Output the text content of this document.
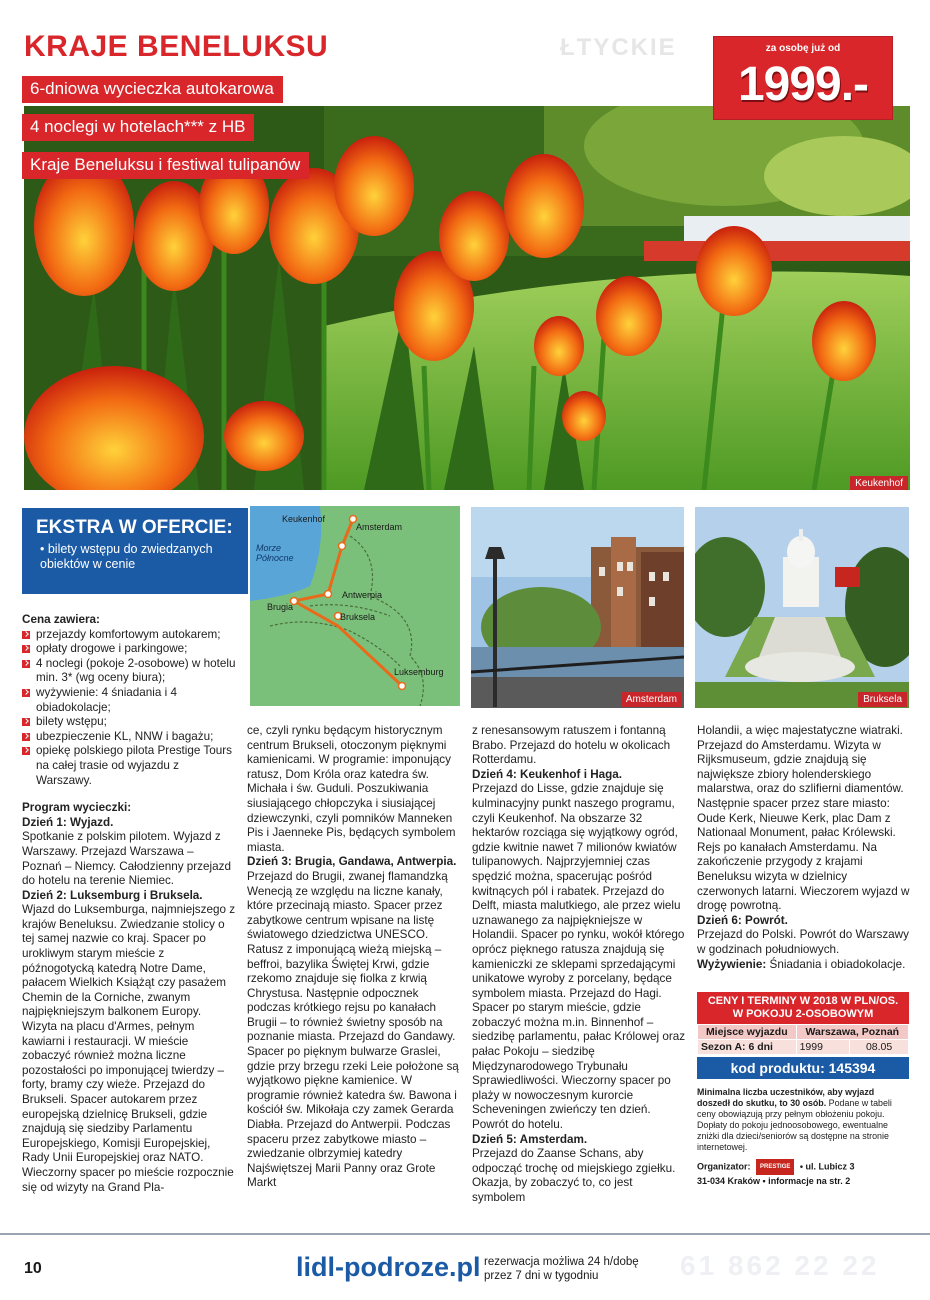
KRAJE BENELUKSU	ŁTYCKIE
6-dniowa wycieczka autokarowa
4 noclegi w hotelach*** z HB
Kraje Beneluksu i festiwal tulipanów
za osobę już od
1999.-
Keukenhof
EKSTRA W OFERCIE:
• bilety wstępu do zwiedzanych obiektów w cenie
Morze Północne
Keukenhof
Amsterdam
Brugia
Antwerpia
Bruksela
Luksemburg
Amsterdam	Bruksela

Cena zawiera:

przejazdy komfortowym autokarem;
opłaty drogowe i parkingowe;
4 noclegi (pokoje 2-osobowe) w hotelu min. 3* (wg oceny biura);
wyżywienie: 4 śniadania i 4 obiadokolacje;
bilety wstępu;
ubezpieczenie KL, NNW i bagażu;
opiekę polskiego pilota Prestige Tours na całej trasie od wyjazdu z Warszawy.

Program wycieczki:

Dzień 1: Wyjazd.

Spotkanie z polskim pilotem. Wyjazd z Warszawy. Przejazd Warszawa – Poznań – Niemcy. Całodzienny przejazd do hotelu na terenie Niemiec.

Dzień 2: Luksemburg i Bruksela.

Wjazd do Luksemburga, najmniejszego z krajów Beneluksu. Zwiedzanie stolicy o tej samej nazwie co kraj. Spacer po urokliwym starym mieście z późnogotycką katedrą Notre Dame, pałacem Wielkich Książąt czy pasażem Chemin de la Corniche, zwanym najpiękniejszym balkonem Europy. Wizyta na placu d'Armes, pełnym kawiarni i restauracji. W mieście zobaczyć również można liczne pozostałości po imponującej twierdzy – forty, bramy czy wieże. Przejazd do Brukseli. Spacer autokarem przez europejską dzielnicę Brukseli, gdzie znajdują się siedziby Parlamentu Europejskiego, Komisji Europejskiej, Rady Unii Europejskiej oraz NATO. Wieczorny spacer po mieście rozpocznie się od wizyty na Grand Pla-

ce, czyli rynku będącym historycznym centrum Brukseli, otoczonym pięknymi kamienicami. W programie: imponujący ratusz, Dom Króla oraz katedra św. Michała i św. Guduli. Poszukiwania siusiającego chłopczyka i siusiającej dziewczynki, czyli pomników Manneken Pis i Jaenneke Pis, będących symbolem miasta.

Dzień 3: Brugia, Gandawa, Antwerpia.

Przejazd do Brugii, zwanej flamandzką Wenecją ze względu na liczne kanały, które przecinają miasto. Spacer przez zabytkowe centrum wpisane na listę światowego dziedzictwa UNESCO. Ratusz z imponującą wieżą miejską – beffroi, bazylika Świętej Krwi, gdzie rzekomo znajduje się fiolka z krwią Chrystusa. Następnie odpocznek podczas krótkiego rejsu po kanałach Brugii – to również świetny sposób na poznanie miasta. Przejazd do Gandawy. Spacer po pięknym bulwarze Graslei, gdzie przy brzegu rzeki Leie położone są wyjątkowo piękne kamienice. W programie również katedra św. Bawona i kościół św. Mikołaja czy zamek Gerarda Diabła. Przejazd do Antwerpii. Podczas spaceru przez zabytkowe miasto – zwiedzanie olbrzymiej katedry Najświętszej Marii Panny oraz Grote Markt

z renesansowym ratuszem i fontanną Brabo. Przejazd do hotelu w okolicach Rotterdamu.

Dzień 4: Keukenhof i Haga.

Przejazd do Lisse, gdzie znajduje się kulminacyjny punkt naszego programu, czyli Keukenhof. Na obszarze 32 hektarów rozciąga się wyjątkowy ogród, gdzie kwitnie nawet 7 milionów kwiatów tulipanowych. Najprzyjemniej czas spędzić można, spacerując pośród kwitnących pól i rabatek. Przejazd do Delft, miasta malutkiego, ale przez wielu uznawanego za najpiękniejsze w Holandii. Spacer po rynku, wokół którego oprócz pięknego ratusza znajdują się kamieniczki ze sklepami sprzedającymi unikatowe wyroby z porcelany, będące symbolem miasta. Przejazd do Hagi. Spacer po starym mieście, gdzie zobaczyć można m.in. Binnenhof – siedzibę parlamentu, pałac Królowej oraz pałac Pokoju – siedzibę Międzynarodowego Trybunału Sprawiedliwości. Wieczorny spacer po plaży w nowoczesnym kurorcie Scheveningen zwieńczy ten dzień. Powrót do hotelu.

Dzień 5: Amsterdam.

Przejazd do Zaanse Schans, aby odpocząć trochę od miejskiego zgiełku. Okazja, by zobaczyć to, co jest symbolem

Holandii, a więc majestatyczne wiatraki. Przejazd do Amsterdamu. Wizyta w Rijksmuseum, gdzie znajdują się największe zbiory holenderskiego malarstwa, oraz do szlifierni diamentów. Następnie spacer przez stare miasto: Oude Kerk, Nieuwe Kerk, plac Dam z Nationaal Monument, pałac Królewski. Rejs po kanałach Amsterdamu. Na zakończenie przygody z krajami Beneluksu wizyta w dzielnicy czerwonych latarni. Wieczorem wyjazd w drogę powrotną.

Dzień 6: Powrót.

Przejazd do Polski. Powrót do Warszawy w godzinach południowych.

Wyżywienie: Śniadania i obiadokolacje.

CENY I TERMINY W 2018 W PLN/OS.
W POKOJU 2-OSOBOWYM
Miejsce wyjazdu	Warszawa, Poznań	
Sezon A: 6 dni	1999	08.05
kod produktu: 145394
Minimalna liczba uczestników, aby wyjazd doszedł do skutku, to 30 osób. Podane w tabeli ceny obowiązują przy pełnym obłożeniu pokoju. Dopłaty do pokoju jednoosobowego, ewentualne zniżki dla dzieci/seniorów są dostępne na stronie internetowej.
Organizator: PRESTIGE • ul. Lubicz 3
31-034 Kraków • informacje na str. 2
61 862 22 22
10	lidl-podroze.pl rezerwacja możliwa 24 h/dobę
przez 7 dni w tygodniu
